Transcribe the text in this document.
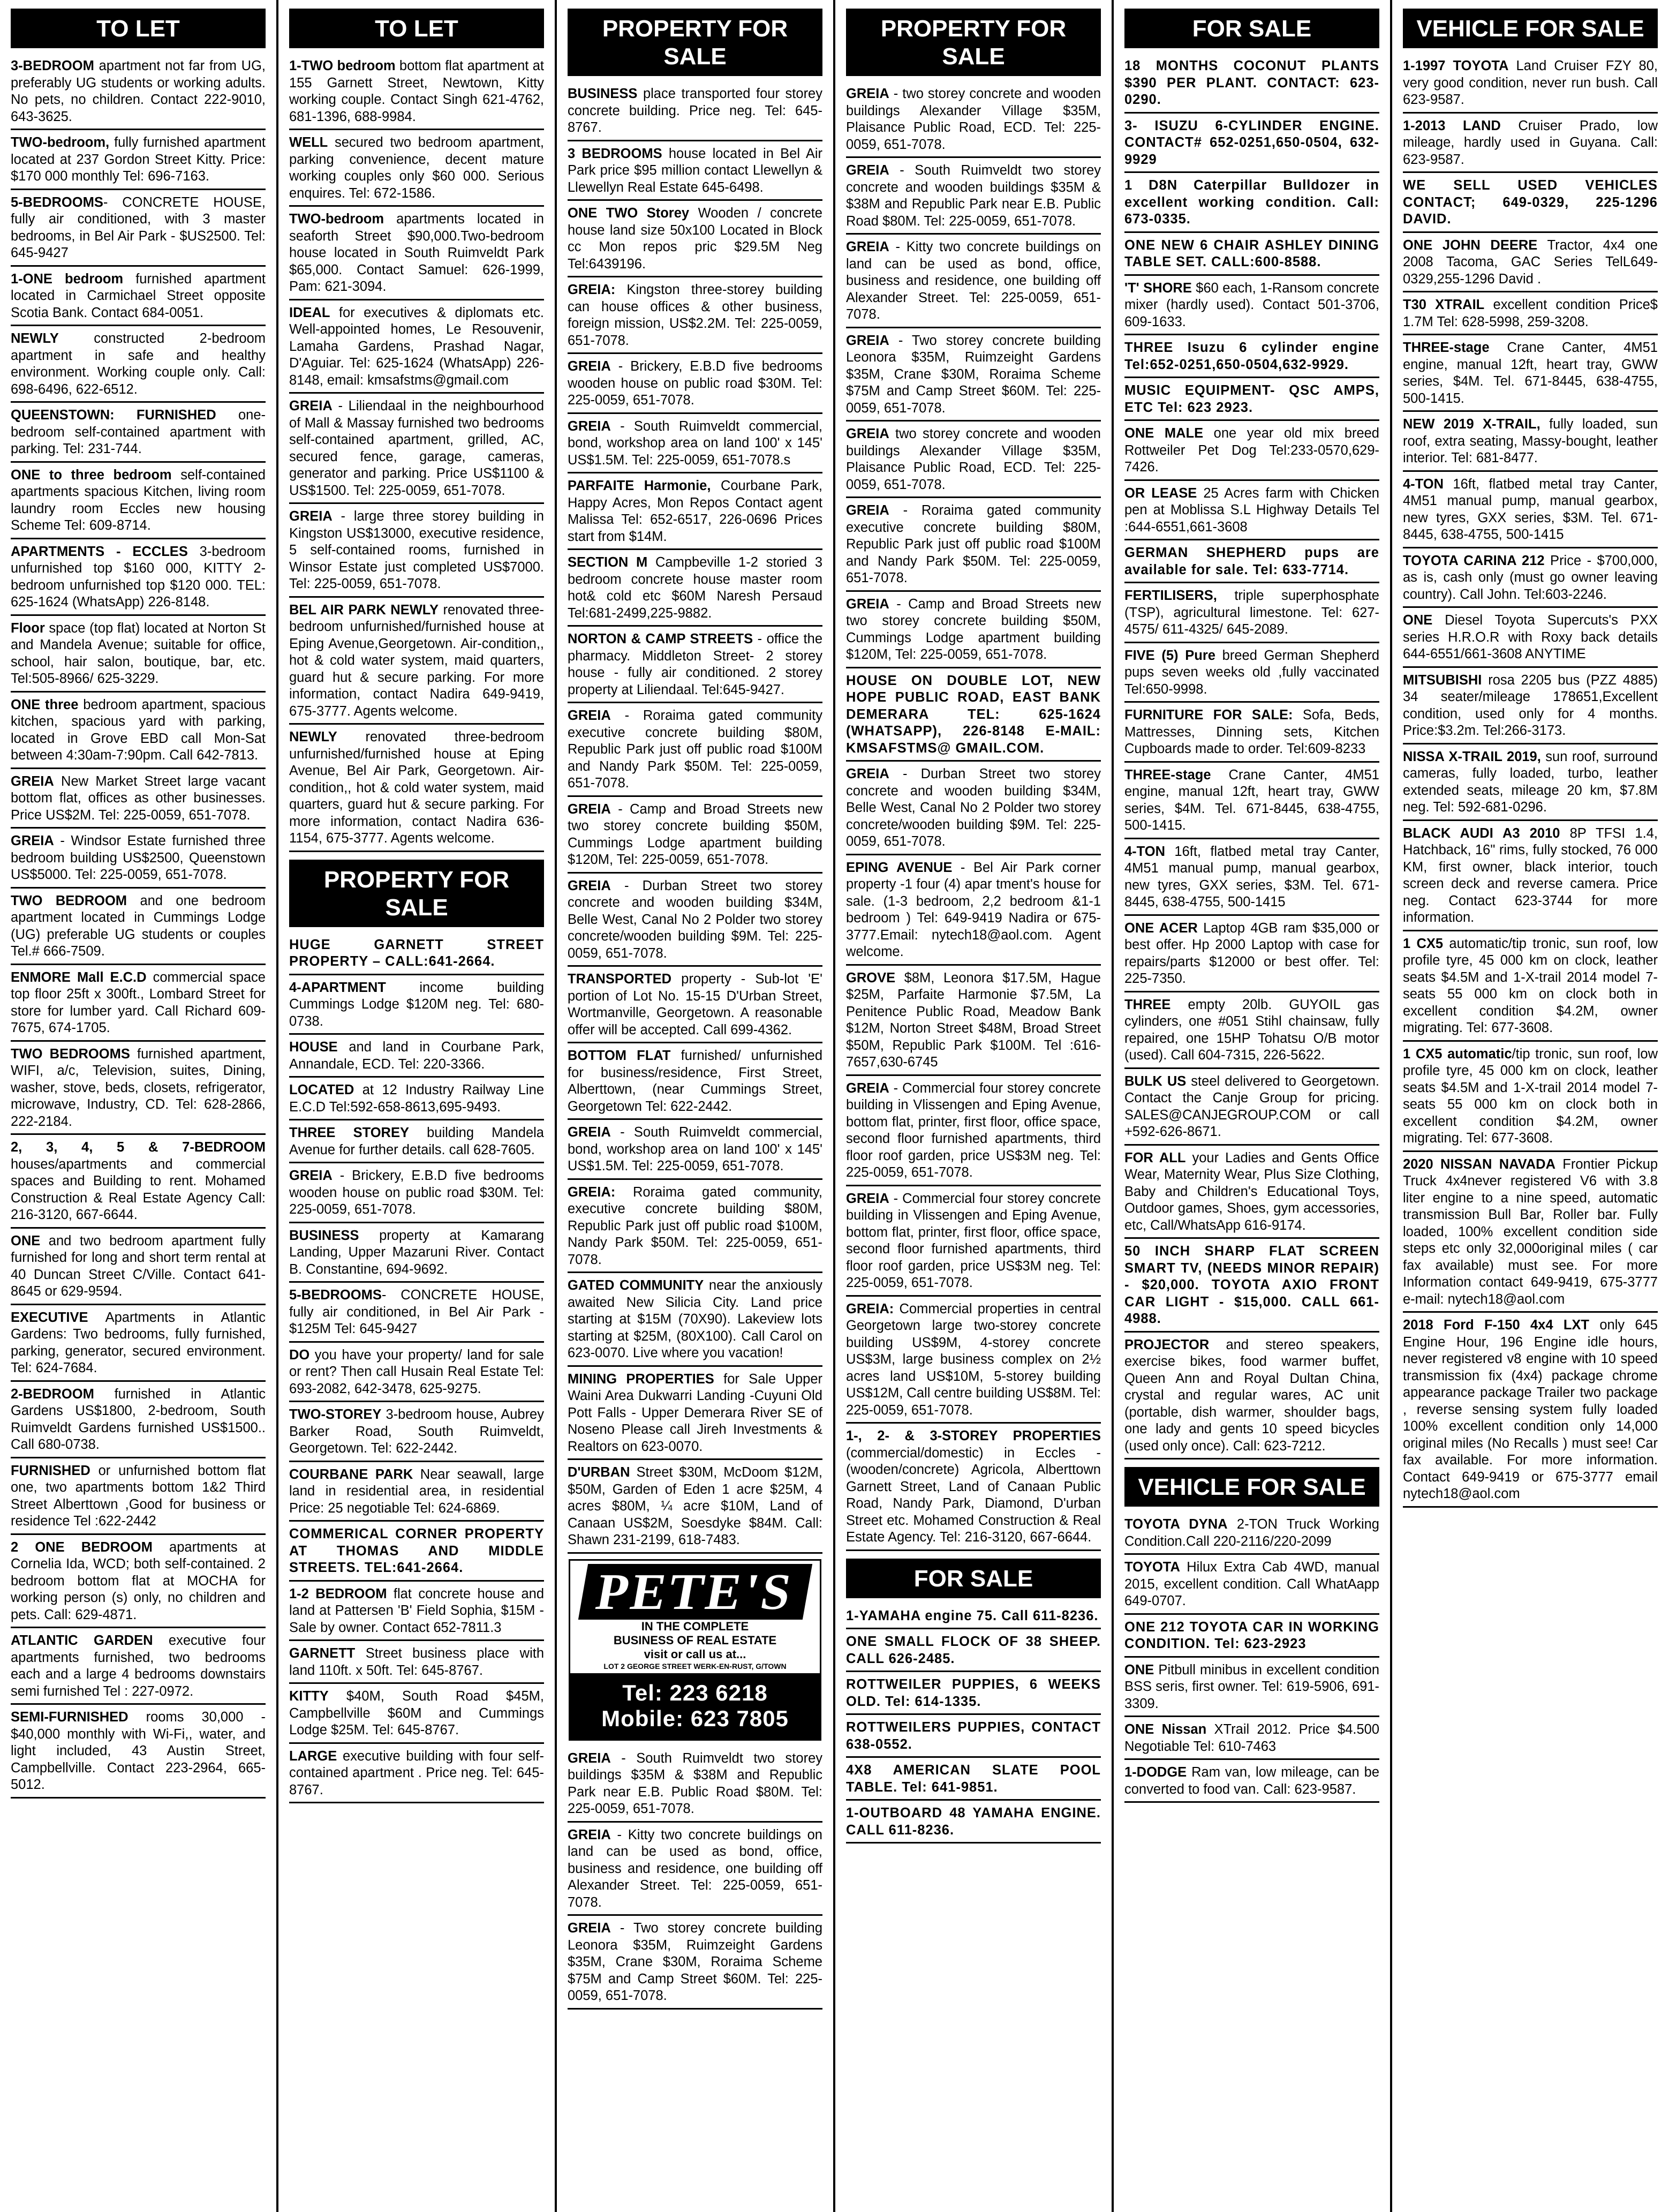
TO LET
3-BEDROOM apartment not far from UG, preferably UG students or working adults. No pets, no children. Contact 222-9010, 643-3625.
TWO-bedroom, fully furnished apartment located at 237 Gordon Street Kitty. Price: $170 000 monthly Tel: 696-7163.
5-BEDROOMS- CONCRETE HOUSE, fully air conditioned, with 3 master bedrooms, in Bel Air Park - $US2500. Tel: 645-9427
1-ONE bedroom furnished apartment located in Carmichael Street opposite Scotia Bank. Contact 684-0051.
NEWLY constructed 2-bedroom apartment in safe and healthy environment. Working couple only. Call: 698-6496, 622-6512.
QUEENSTOWN: FURNISHED one-bedroom self-contained apartment with parking. Tel: 231-744.
ONE to three bedroom self-contained apartments spacious Kitchen, living room laundry room Eccles new housing Scheme Tel: 609-8714.
APARTMENTS - ECCLES 3-bedroom unfurnished top $160 000, KITTY 2-bedroom unfurnished top $120 000. TEL: 625-1624 (WhatsApp) 226-8148.
Floor space (top flat) located at Norton St and Mandela Avenue; suitable for office, school, hair salon, boutique, bar, etc. Tel:505-8966/ 625-3229.
ONE three bedroom apartment, spacious kitchen, spacious yard with parking, located in Grove EBD call Mon-Sat between 4:30am-7:90pm. Call 642-7813.
GREIA New Market Street large vacant bottom flat, offices as other businesses. Price US$2M. Tel: 225-0059, 651-7078.
GREIA - Windsor Estate furnished three bedroom building US$2500, Queenstown US$5000. Tel: 225-0059, 651-7078.
TWO BEDROOM and one bedroom apartment located in Cummings Lodge (UG) preferable UG students or couples Tel.# 666-7509.
ENMORE Mall E.C.D commercial space top floor 25ft x 300ft., Lombard Street for store for lumber yard. Call Richard 609-7675, 674-1705.
TWO BEDROOMS furnished apartment, WIFI, a/c, Television, suites, Dining, washer, stove, beds, closets, refrigerator, microwave, Industry, CD. Tel: 628-2866, 222-2184.
2, 3, 4, 5 & 7-BEDROOM houses/apartments and commercial spaces and Building to rent. Mohamed Construction & Real Estate Agency Call: 216-3120, 667-6644.
ONE and two bedroom apartment fully furnished for long and short term rental at 40 Duncan Street C/Ville. Contact 641-8645 or 629-9594.
EXECUTIVE Apartments in Atlantic Gardens: Two bedrooms, fully furnished, parking, generator, secured environment. Tel: 624-7684.
2-BEDROOM furnished in Atlantic Gardens US$1800, 2-bedroom, South Ruimveldt Gardens furnished US$1500.. Call 680-0738.
FURNISHED or unfurnished bottom flat one, two apartments bottom 1&2 Third Street Alberttown ,Good for business or residence Tel :622-2442
2 ONE BEDROOM apartments at Cornelia Ida, WCD; both self-contained. 2 bedroom bottom flat at MOCHA for working person (s) only, no children and pets. Call: 629-4871.
ATLANTIC GARDEN executive four apartments furnished, two bedrooms each and a large 4 bedrooms downstairs semi furnished Tel : 227-0972.
SEMI-FURNISHED rooms 30,000 - $40,000 monthly with Wi-Fi,, water, and light included, 43 Austin Street, Campbellville. Contact 223-2964, 665-5012.
TO LET
1-TWO bedroom bottom flat apartment at 155 Garnett Street, Newtown, Kitty working couple. Contact Singh 621-4762, 681-1396, 688-9984.
WELL secured two bedroom apartment, parking convenience, decent mature working couples only $60 000. Serious enquires. Tel: 672-1586.
TWO-bedroom apartments located in seaforth Street $90,000.Two-bedroom house located in South Ruimveldt Park $65,000. Contact Samuel: 626-1999, Pam: 621-3094.
IDEAL for executives & diplomats etc. Well-appointed homes, Le Resouvenir, Lamaha Gardens, Prashad Nagar, D'Aguiar. Tel: 625-1624 (WhatsApp) 226-8148, email: kmsafstms@gmail.com
GREIA - Liliendaal in the neighbourhood of Mall & Massay furnished two bedrooms self-contained apartment, grilled, AC, secured fence, garage, cameras, generator and parking. Price US$1100 & US$1500. Tel: 225-0059, 651-7078.
GREIA - large three storey building in Kingston US$13000, executive residence, 5 self-contained rooms, furnished in Winsor Estate just completed US$7000. Tel: 225-0059, 651-7078.
BEL AIR PARK NEWLY renovated three-bedroom unfurnished/furnished house at Eping Avenue,Georgetown. Air-condition,, hot & cold water system, maid quarters, guard hut & secure parking. For more information, contact Nadira 649-9419, 675-3777. Agents welcome.
NEWLY renovated three-bedroom unfurnished/furnished house at Eping Avenue, Bel Air Park, Georgetown. Air-condition,, hot & cold water system, maid quarters, guard hut & secure parking. For more information, contact Nadira 636-1154, 675-3777. Agents welcome.
PROPERTY FOR SALE
HUGE GARNETT STREET PROPERTY – CALL:641-2664.
4-APARTMENT income building Cummings Lodge $120M neg. Tel: 680-0738.
HOUSE and land in Courbane Park, Annandale, ECD. Tel: 220-3366.
LOCATED at 12 Industry Railway Line E.C.D Tel:592-658-8613,695-9493.
THREE STOREY building Mandela Avenue for further details. call 628-7605.
GREIA - Brickery, E.B.D five bedrooms wooden house on public road $30M. Tel: 225-0059, 651-7078.
BUSINESS property at Kamarang Landing, Upper Mazaruni River. Contact B. Constantine, 694-9692.
5-BEDROOMS- CONCRETE HOUSE, fully air conditioned, in Bel Air Park - $125M Tel: 645-9427
DO you have your property/ land for sale or rent? Then call Husain Real Estate Tel: 693-2082, 642-3478, 625-9275.
TWO-STOREY 3-bedroom house, Aubrey Barker Road, South Ruimveldt, Georgetown. Tel: 622-2442.
COURBANE PARK Near seawall, large land in residential area, in residential Price: 25 negotiable Tel: 624-6869.
COMMERICAL CORNER PROPERTY AT THOMAS AND MIDDLE STREETS. TEL:641-2664.
1-2 BEDROOM flat concrete house and land at Pattersen 'B' Field Sophia, $15M - Sale by owner. Contact 652-7811.3
GARNETT Street business place with land 110ft. x 50ft. Tel: 645-8767.
KITTY $40M, South Road $45M, Campbellville $60M and Cummings Lodge $25M. Tel: 645-8767.
LARGE executive building with four self-contained apartment . Price neg. Tel: 645-8767.
PROPERTY FOR SALE
BUSINESS place transported four storey concrete building. Price neg. Tel: 645-8767.
3 BEDROOMS house located in Bel Air Park price $95 million contact Llewellyn & Llewellyn Real Estate 645-6498.
ONE TWO Storey Wooden / concrete house land size 50x100 Located in Block cc Mon repos pric $29.5M Neg Tel:6439196.
GREIA: Kingston three-storey building can house offices & other business, foreign mission, US$2.2M. Tel: 225-0059, 651-7078.
GREIA - Brickery, E.B.D five bedrooms wooden house on public road $30M. Tel: 225-0059, 651-7078.
GREIA - South Ruimveldt commercial, bond, workshop area on land 100' x 145' US$1.5M. Tel: 225-0059, 651-7078.s
PARFAITE Harmonie, Courbane Park, Happy Acres, Mon Repos Contact agent Malissa Tel: 652-6517, 226-0696 Prices start from $14M.
SECTION M Campbeville 1-2 storied 3 bedroom concrete house master room hot& cold etc $60M Naresh Persaud Tel:681-2499,225-9882.
NORTON & CAMP STREETS - office the pharmacy. Middleton Street- 2 storey house - fully air conditioned. 2 storey property at Liliendaal. Tel:645-9427.
GREIA - Roraima gated community executive concrete building $80M, Republic Park just off public road $100M and Nandy Park $50M. Tel: 225-0059, 651-7078.
GREIA - Camp and Broad Streets new two storey concrete building $50M, Cummings Lodge apartment building $120M, Tel: 225-0059, 651-7078.
GREIA - Durban Street two storey concrete and wooden building $34M, Belle West, Canal No 2 Polder two storey concrete/wooden building $9M. Tel: 225-0059, 651-7078.
TRANSPORTED property - Sub-lot 'E' portion of Lot No. 15-15 D'Urban Street, Wortmanville, Georgetown. A reasonable offer will be accepted. Call 699-4362.
BOTTOM FLAT furnished/ unfurnished for business/residence, First Street, Alberttown, (near Cummings Street, Georgetown Tel: 622-2442.
GREIA - South Ruimveldt commercial, bond, workshop area on land 100' x 145' US$1.5M. Tel: 225-0059, 651-7078.
GREIA: Roraima gated community, executive concrete building $80M, Republic Park just off public road $100M, Nandy Park $50M. Tel: 225-0059, 651-7078.
GATED COMMUNITY near the anxiously awaited New Silicia City. Land price starting at $15M (70X90). Lakeview lots starting at $25M, (80X100). Call Carol on 623-0070. Live where you vacation!
MINING PROPERTIES for Sale Upper Waini Area Dukwarri Landing -Cuyuni Old Pott Falls - Upper Demerara River SE of Noseno Please call Jireh Investments & Realtors on 623-0070.
D'URBAN Street $30M, McDoom $12M, $50M, Garden of Eden 1 acre $25M, 4 acres $80M, ¼ acre $10M, Land of Canaan US$2M, Soesdyke $84M. Call: Shawn 231-2199, 618-7483.
PETE'S
IN THE COMPLETE
BUSINESS OF REAL ESTATE
visit or call us at...
LOT 2 GEORGE STREET WERK-EN-RUST, G/TOWN
Tel: 223 6218
Mobile: 623 7805
GREIA - South Ruimveldt two storey buildings $35M & $38M and Republic Park near E.B. Public Road $80M. Tel: 225-0059, 651-7078.
GREIA - Kitty two concrete buildings on land can be used as bond, office, business and residence, one building off Alexander Street. Tel: 225-0059, 651-7078.
GREIA - Two storey concrete building Leonora $35M, Ruimzeight Gardens $35M, Crane $30M, Roraima Scheme $75M and Camp Street $60M. Tel: 225-0059, 651-7078.
PROPERTY FOR SALE
GREIA - two storey concrete and wooden buildings Alexander Village $35M, Plaisance Public Road, ECD. Tel: 225-0059, 651-7078.
GREIA - South Ruimveldt two storey concrete and wooden buildings $35M & $38M and Republic Park near E.B. Public Road $80M. Tel: 225-0059, 651-7078.
GREIA - Kitty two concrete buildings on land can be used as bond, office, business and residence, one building off Alexander Street. Tel: 225-0059, 651-7078.
GREIA - Two storey concrete building Leonora $35M, Ruimzeight Gardens $35M, Crane $30M, Roraima Scheme $75M and Camp Street $60M. Tel: 225-0059, 651-7078.
GREIA two storey concrete and wooden buildings Alexander Village $35M, Plaisance Public Road, ECD. Tel: 225-0059, 651-7078.
GREIA - Roraima gated community executive concrete building $80M, Republic Park just off public road $100M and Nandy Park $50M. Tel: 225-0059, 651-7078.
GREIA - Camp and Broad Streets new two storey concrete building $50M, Cummings Lodge apartment building $120M, Tel: 225-0059, 651-7078.
HOUSE ON DOUBLE LOT, NEW HOPE PUBLIC ROAD, EAST BANK DEMERARA TEL: 625-1624 (WHATSAPP), 226-8148 E-MAIL: KMSAFSTMS@ GMAIL.COM.
GREIA - Durban Street two storey concrete and wooden building $34M, Belle West, Canal No 2 Polder two storey concrete/wooden building $9M. Tel: 225-0059, 651-7078.
EPING AVENUE - Bel Air Park corner property -1 four (4) apar tment's house for sale. (1-3 bedroom, 2,2 bedroom &1-1 bedroom ) Tel: 649-9419 Nadira or 675-3777.Email: nytech18@aol.com. Agent welcome.
GROVE $8M, Leonora $17.5M, Hague $25M, Parfaite Harmonie $7.5M, La Penitence Public Road, Meadow Bank $12M, Norton Street $48M, Broad Street $50M, Republic Park $100M. Tel :616-7657,630-6745
GREIA - Commercial four storey concrete building in Vlissengen and Eping Avenue, bottom flat, printer, first floor, office space, second floor furnished apartments, third floor roof garden, price US$3M neg. Tel: 225-0059, 651-7078.
GREIA - Commercial four storey concrete building in Vlissengen and Eping Avenue, bottom flat, printer, first floor, office space, second floor furnished apartments, third floor roof garden, price US$3M neg. Tel: 225-0059, 651-7078.
GREIA: Commercial properties in central Georgetown large two-storey concrete building US$9M, 4-storey concrete US$3M, large business complex on 2½ acres land US$10M, 5-storey building US$12M, Call centre building US$8M. Tel: 225-0059, 651-7078.
1-, 2- & 3-STOREY PROPERTIES (commercial/domestic) in Eccles - (wooden/concrete) Agricola, Alberttown Garnett Street, Land of Canaan Public Road, Nandy Park, Diamond, D'urban Street etc. Mohamed Construction & Real Estate Agency. Tel: 216-3120, 667-6644.
FOR SALE
1-YAMAHA engine 75. Call 611-8236.
ONE SMALL FLOCK OF 38 SHEEP. CALL 626-2485.
ROTTWEILER PUPPIES, 6 WEEKS OLD. Tel: 614-1335.
ROTTWEILERS PUPPIES, CONTACT 638-0552.
4X8 AMERICAN SLATE POOL TABLE. Tel: 641-9851.
1-OUTBOARD 48 YAMAHA ENGINE. CALL 611-8236.
FOR SALE
18 MONTHS COCONUT PLANTS $390 PER PLANT. CONTACT: 623-0290.
3- ISUZU 6-CYLINDER ENGINE. CONTACT# 652-0251,650-0504, 632-9929
1 D8N Caterpillar Bulldozer in excellent working condition. Call: 673-0335.
ONE NEW 6 CHAIR ASHLEY DINING TABLE SET. CALL:600-8588.
'T' SHORE $60 each, 1-Ransom concrete mixer (hardly used). Contact 501-3706, 609-1633.
THREE Isuzu 6 cylinder engine Tel:652-0251,650-0504,632-9929.
MUSIC EQUIPMENT- QSC AMPS, ETC Tel: 623 2923.
ONE MALE one year old mix breed Rottweiler Pet Dog Tel:233-0570,629-7426.
OR LEASE 25 Acres farm with Chicken pen at Moblissa S.L Highway Details Tel :644-6551,661-3608
GERMAN SHEPHERD pups are available for sale. Tel: 633-7714.
FERTILISERS, triple superphosphate (TSP), agricultural limestone. Tel: 627-4575/ 611-4325/ 645-2089.
FIVE (5) Pure breed German Shepherd pups seven weeks old ,fully vaccinated Tel:650-9998.
FURNITURE FOR SALE: Sofa, Beds, Mattresses, Dinning sets, Kitchen Cupboards made to order. Tel:609-8233
THREE-stage Crane Canter, 4M51 engine, manual 12ft, heart tray, GWW series, $4M. Tel. 671-8445, 638-4755, 500-1415.
4-TON 16ft, flatbed metal tray Canter, 4M51 manual pump, manual gearbox, new tyres, GXX series, $3M. Tel. 671-8445, 638-4755, 500-1415
ONE ACER Laptop 4GB ram $35,000 or best offer. Hp 2000 Laptop with case for repairs/parts $12000 or best offer. Tel: 225-7350.
THREE empty 20lb. GUYOIL gas cylinders, one #051 Stihl chainsaw, fully repaired, one 15HP Tohatsu O/B motor (used). Call 604-7315, 226-5622.
BULK US steel delivered to Georgetown. Contact the Canje Group for pricing. SALES@CANJEGROUP.COM or call +592-626-8671.
FOR ALL your Ladies and Gents Office Wear, Maternity Wear, Plus Size Clothing, Baby and Children's Educational Toys, Outdoor games, Shoes, gym accessories, etc, Call/WhatsApp 616-9174.
50 INCH SHARP FLAT SCREEN SMART TV, (NEEDS MINOR REPAIR) - $20,000. TOYOTA AXIO FRONT CAR LIGHT - $15,000. CALL 661-4988.
PROJECTOR and stereo speakers, exercise bikes, food warmer buffet, Queen Ann and Royal Dultan China, crystal and regular wares, AC unit (portable, dish warmer, shoulder bags, one lady and gents 10 speed bicycles (used only once). Call: 623-7212.
VEHICLE FOR SALE
TOYOTA DYNA 2-TON Truck Working Condition.Call 220-2116/220-2099
TOYOTA Hilux Extra Cab 4WD, manual 2015, excellent condition. Call WhatAapp 649-0707.
ONE 212 TOYOTA CAR IN WORKING CONDITION. Tel: 623-2923
ONE Pitbull minibus in excellent condition BSS seris, first owner. Tel: 619-5906, 691-3309.
ONE Nissan XTrail 2012. Price $4.500 Negotiable Tel: 610-7463
1-DODGE Ram van, low mileage, can be converted to food van. Call: 623-9587.
VEHICLE FOR SALE
1-1997 TOYOTA Land Cruiser FZY 80, very good condition, never run bush. Call 623-9587.
1-2013 LAND Cruiser Prado, low mileage, hardly used in Guyana. Call: 623-9587.
WE SELL USED VEHICLES CONTACT; 649-0329, 225-1296 DAVID.
ONE JOHN DEERE Tractor, 4x4 one 2008 Tacoma, GAC Series TelL649-0329,255-1296 David .
T30 XTRAIL excellent condition Price$ 1.7M Tel: 628-5998, 259-3208.
THREE-stage Crane Canter, 4M51 engine, manual 12ft, heart tray, GWW series, $4M. Tel. 671-8445, 638-4755, 500-1415.
NEW 2019 X-TRAIL, fully loaded, sun roof, extra seating, Massy-bought, leather interior. Tel: 681-8477.
4-TON 16ft, flatbed metal tray Canter, 4M51 manual pump, manual gearbox, new tyres, GXX series, $3M. Tel. 671-8445, 638-4755, 500-1415
TOYOTA CARINA 212 Price - $700,000, as is, cash only (must go owner leaving country). Call John. Tel:603-2246.
ONE Diesel Toyota Supercuts's PXX series H.R.O.R with Roxy back details 644-6551/661-3608 ANYTIME
MITSUBISHI rosa 2205 bus (PZZ 4885) 34 seater/mileage 178651,Excellent condition, used only for 4 months. Price:$3.2m. Tel:266-3173.
NISSA X-TRAIL 2019, sun roof, surround cameras, fully loaded, turbo, leather extended seats, mileage 20 km, $7.8M neg. Tel: 592-681-0296.
BLACK AUDI A3 2010 8P TFSI 1.4, Hatchback, 16" rims, fully stocked, 76 000 KM, first owner, black interior, touch screen deck and reverse camera. Price neg. Contact 623-3744 for more information.
1 CX5 automatic/tip tronic, sun roof, low profile tyre, 45 000 km on clock, leather seats $4.5M and 1-X-trail 2014 model 7-seats 55 000 km on clock both in excellent condition $4.2M, owner migrating. Tel: 677-3608.
1 CX5 automatic/tip tronic, sun roof, low profile tyre, 45 000 km on clock, leather seats $4.5M and 1-X-trail 2014 model 7-seats 55 000 km on clock both in excellent condition $4.2M, owner migrating. Tel: 677-3608.
2020 NISSAN NAVADA Frontier Pickup Truck 4x4never registered V6 with 3.8 liter engine to a nine speed, automatic transmission Bull Bar, Roller bar. Fully loaded, 100% excellent condition side steps etc only 32,000original miles ( car fax available) must see. For more Information contact 649-9419, 675-3777 e-mail: nytech18@aol.com
2018 Ford F-150 4x4 LXT only 645 Engine Hour, 196 Engine idle hours, never registered v8 engine with 10 speed transmission fix (4x4) package chrome appearance package Trailer two package , reverse sensing system fully loaded 100% excellent condition only 14,000 original miles (No Recalls ) must see! Car fax available. For more information. Contact 649-9419 or 675-3777 email nytech18@aol.com
